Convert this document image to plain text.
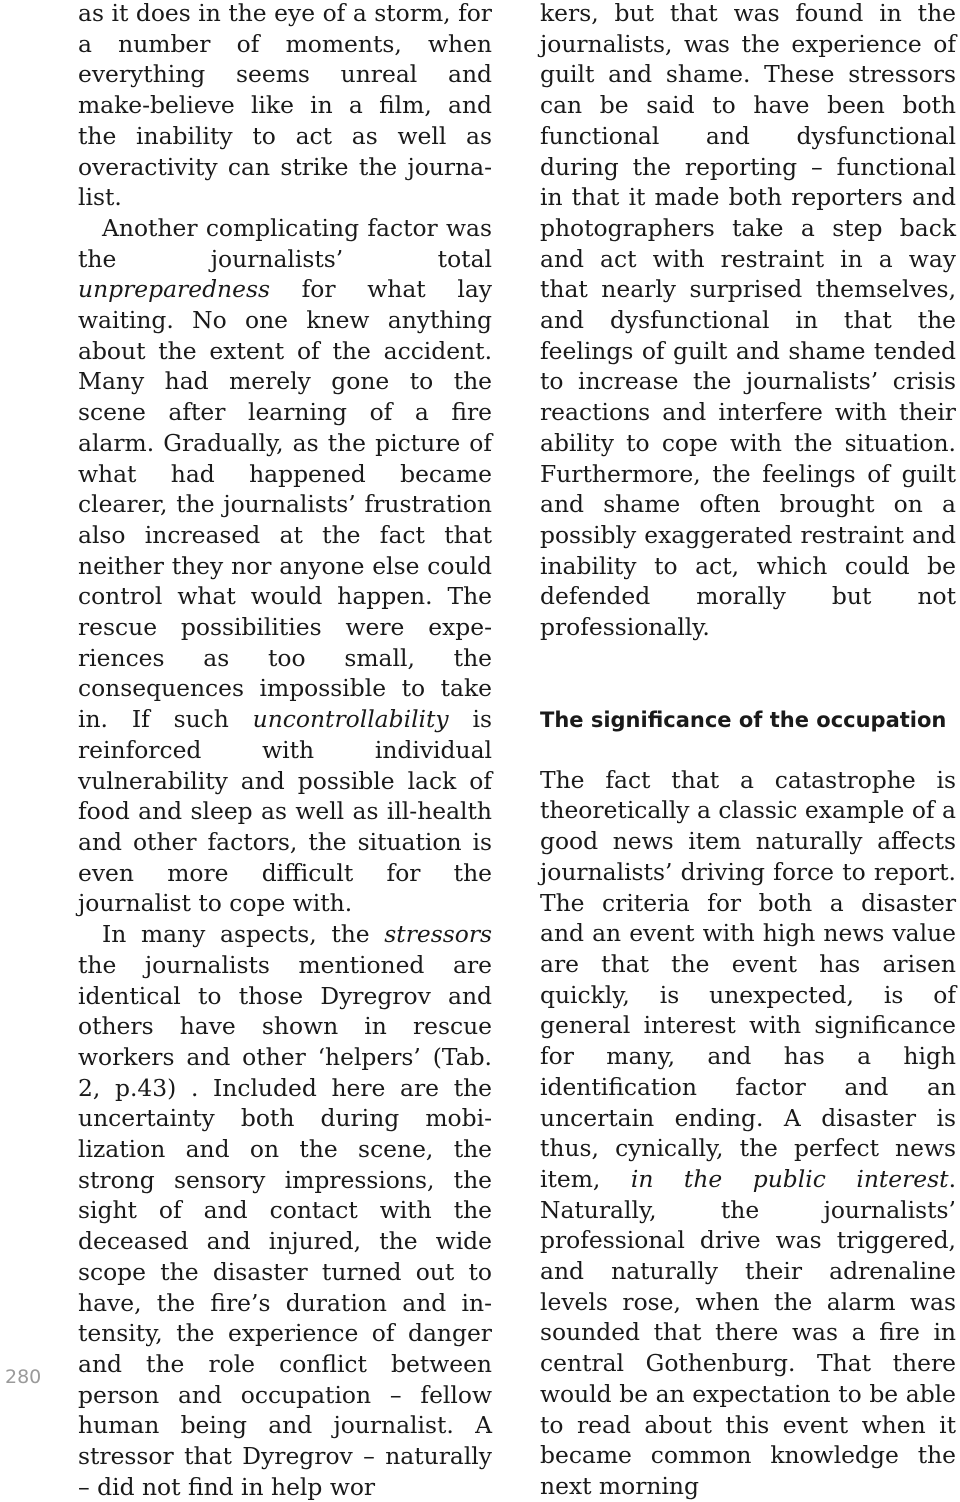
as it does in the eye of a storm, for a number of moments, when everything seems unreal and make-believe like in a film, and the inability to act as well as overactivity can strike the journalist.

Another complicating factor was the journalists’ total unpreparedness for what lay waiting. No one knew anything about the extent of the accident. Many had merely gone to the scene after learning of a fire alarm. Gradually, as the picture of what had happened became clearer, the journalists’ frustration also increased at the fact that neither they nor anyone else could control what would happen. The rescue possibilities were experiences as too small, the consequences impossible to take in. If such uncontrollability is reinforced with individual vulnerability and possible lack of food and sleep as well as ill-health and other factors, the situation is even more difficult for the journalist to cope with.

In many aspects, the stressors the journalists mentioned are identical to those Dyregrov and others have shown in rescue workers and other ‘helpers’ (Tab. 2, p.43) . Included here are the uncertainty both during mobilization and on the scene, the strong sensory impressions, the sight of and contact with the deceased and injured, the wide scope the disaster turned out to have, the fire’s duration and intensity, the experience of danger and the role conflict between person and occupation – fellow human being and journalist. A stressor that Dyregrov – naturally – did not find in help wor

kers, but that was found in the journalists, was the experience of guilt and shame. These stressors can be said to have been both functional and dysfunctional during the reporting – functional in that it made both reporters and photographers take a step back and act with restraint in a way that nearly surprised themselves, and dysfunctional in that the feelings of guilt and shame tended to increase the journalists’ crisis reactions and interfere with their ability to cope with the situation. Furthermore, the feelings of guilt and shame often brought on a possibly exaggerated restraint and inability to act, which could be defended morally but not professionally.

The significance of the occupation

The fact that a catastrophe is theoretically a classic example of a good news item naturally affects journalists’ driving force to report. The criteria for both a disaster and an event with high news value are that the event has arisen quickly, is unexpected, is of general interest with significance for many, and has a high identification factor and an uncertain ending. A disaster is thus, cynically, the perfect news item, in the public interest. Naturally, the journalists’ professional drive was triggered, and naturally their adrenaline levels rose, when the alarm was sounded that there was a fire in central Gothenburg. That there would be an expectation to be able to read about this event when it became common knowledge the next morning

280
